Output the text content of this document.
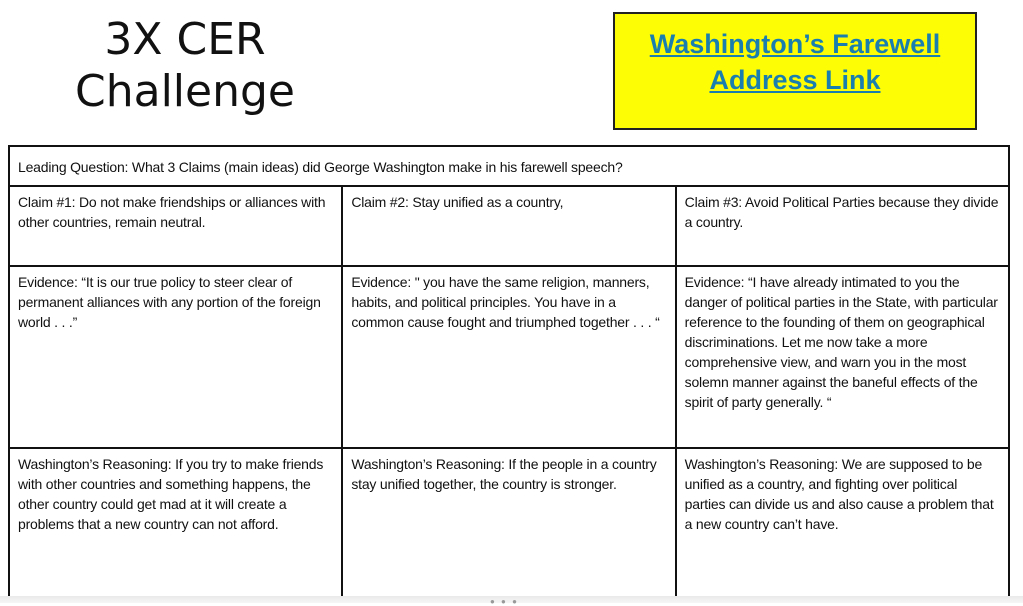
3X CER
Challenge
Washington’s Farewell
Address Link
Leading Question: What 3 Claims (main ideas) did George Washington make in his farewell speech?		
Claim #1: Do not make friendships or alliances with other countries, remain neutral.	Claim #2: Stay unified as a country,	Claim #3: Avoid Political Parties because they divide a country.
Evidence: “It is our true policy to steer clear of permanent alliances with any portion of the foreign world . . .”	Evidence: " you have the same religion, manners, habits, and political principles. You have in a common cause fought and triumphed together . . . “	Evidence: “I have already intimated to you the danger of political parties in the State, with particular reference to the founding of them on geographical discriminations. Let me now take a more comprehensive view, and warn you in the most solemn manner against the baneful effects of the spirit of party generally. “
Washington’s Reasoning: If you try to make friends with other countries and something happens, the other country could get mad at it will create a problems that a new country can not afford.	Washington’s Reasoning: If the people in a country stay unified together, the country is stronger.	Washington’s Reasoning: We are supposed to be unified as a country, and fighting over political parties can divide us and also cause a problem that a new country can’t have.
● ● ●
